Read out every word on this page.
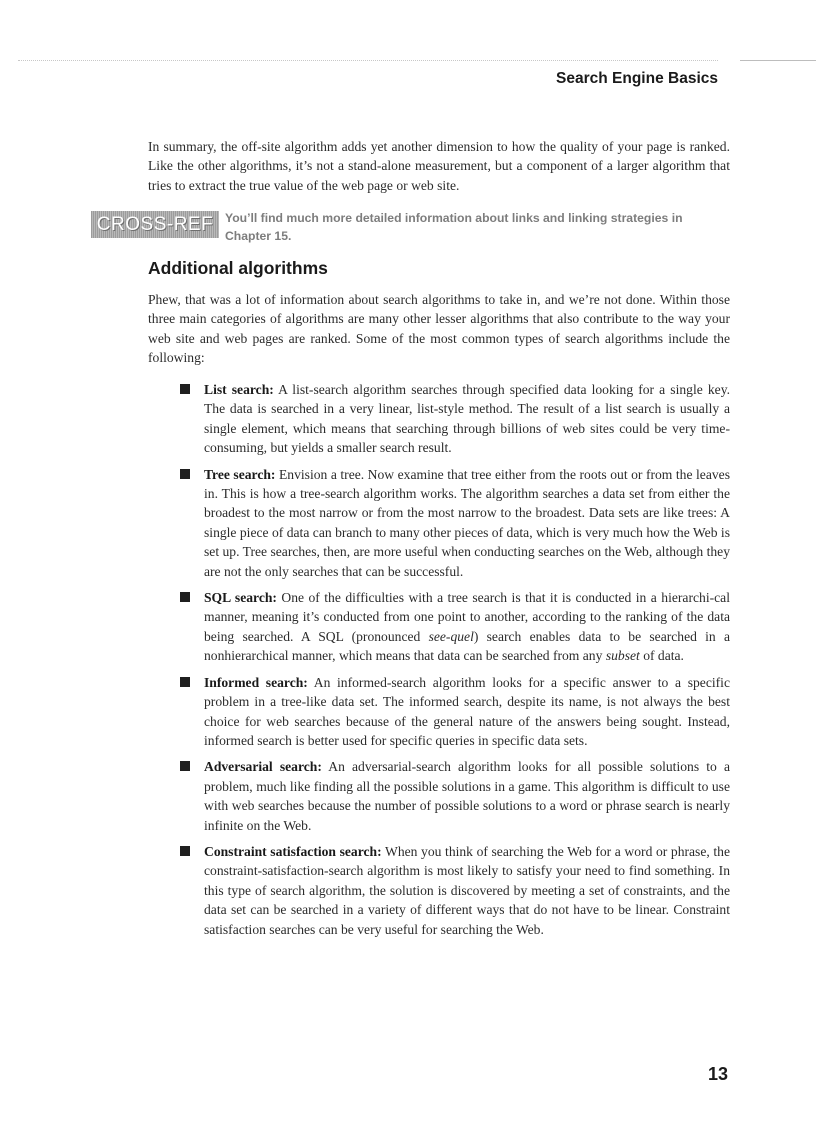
Search Engine Basics

In summary, the off-site algorithm adds yet another dimension to how the quality of your page is ranked. Like the other algorithms, it’s not a stand-alone measurement, but a component of a larger algorithm that tries to extract the true value of the web page or web site.

CROSS-REF You’ll find much more detailed information about links and linking strategies in Chapter 15.
Additional algorithms

Phew, that was a lot of information about search algorithms to take in, and we’re not done. Within those three main categories of algorithms are many other lesser algorithms that also contribute to the way your web site and web pages are ranked. Some of the most common types of search algorithms include the following:

List search: A list-search algorithm searches through specified data looking for a single key. The data is searched in a very linear, list-style method. The result of a list search is usually a single element, which means that searching through billions of web sites could be very time-consuming, but yields a smaller search result.
Tree search: Envision a tree. Now examine that tree either from the roots out or from the leaves in. This is how a tree-search algorithm works. The algorithm searches a data set from either the broadest to the most narrow or from the most narrow to the broadest. Data sets are like trees: A single piece of data can branch to many other pieces of data, which is very much how the Web is set up. Tree searches, then, are more useful when conducting searches on the Web, although they are not the only searches that can be successful.
SQL search: One of the difficulties with a tree search is that it is conducted in a hierarchi-cal manner, meaning it’s conducted from one point to another, according to the ranking of the data being searched. A SQL (pronounced see-quel) search enables data to be searched in a nonhierarchical manner, which means that data can be searched from any subset of data.
Informed search: An informed-search algorithm looks for a specific answer to a specific problem in a tree-like data set. The informed search, despite its name, is not always the best choice for web searches because of the general nature of the answers being sought. Instead, informed search is better used for specific queries in specific data sets.
Adversarial search: An adversarial-search algorithm looks for all possible solutions to a problem, much like finding all the possible solutions in a game. This algorithm is difficult to use with web searches because the number of possible solutions to a word or phrase search is nearly infinite on the Web.
Constraint satisfaction search: When you think of searching the Web for a word or phrase, the constraint-satisfaction-search algorithm is most likely to satisfy your need to find something. In this type of search algorithm, the solution is discovered by meeting a set of constraints, and the data set can be searched in a variety of different ways that do not have to be linear. Constraint satisfaction searches can be very useful for searching the Web.
13
